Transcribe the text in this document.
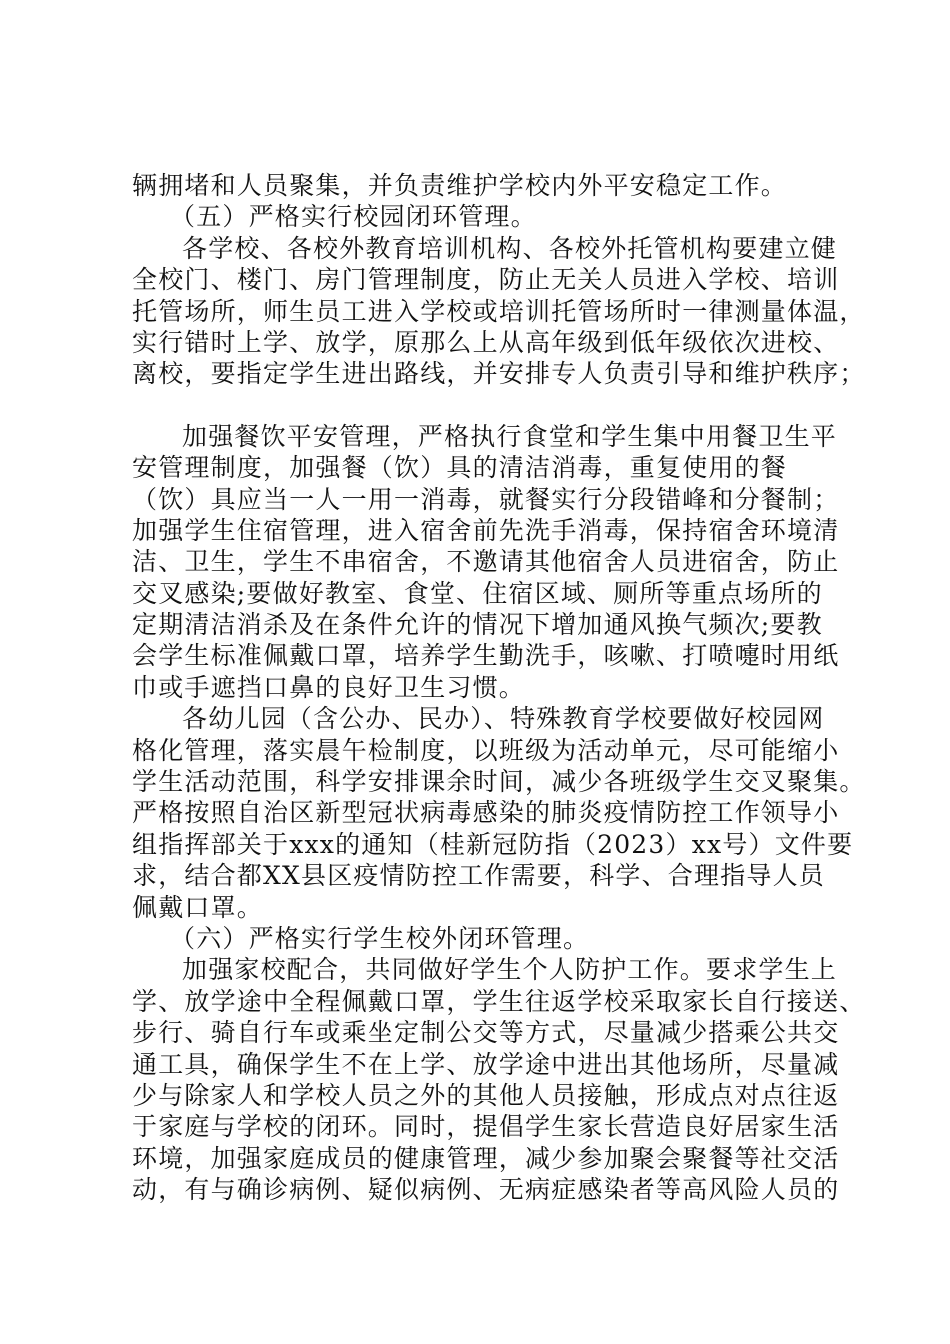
辆拥堵和人员聚集，并负责维护学校内外平安稳定工作。
（五）严格实行校园闭环管理。
各学校、各校外教育培训机构、各校外托管机构要建立健
全校门、楼门、房门管理制度，防止无关人员进入学校、培训
托管场所，师生员工进入学校或培训托管场所时一律测量体温，
实行错时上学、放学，原那么上从高年级到低年级依次进校、
离校，要指定学生进出路线，并安排专人负责引导和维护秩序；
加强餐饮平安管理，严格执行食堂和学生集中用餐卫生平
安管理制度，加强餐（饮）具的清洁消毒，重复使用的餐
（饮）具应当一人一用一消毒，就餐实行分段错峰和分餐制；
加强学生住宿管理，进入宿舍前先洗手消毒，保持宿舍环境清
洁、卫生，学生不串宿舍，不邀请其他宿舍人员进宿舍，防止
交叉感染;要做好教室、食堂、住宿区域、厕所等重点场所的
定期清洁消杀及在条件允许的情况下增加通风换气频次;要教
会学生标准佩戴口罩，培养学生勤洗手，咳嗽、打喷嚏时用纸
巾或手遮挡口鼻的良好卫生习惯。
各幼儿园（含公办、民办）、特殊教育学校要做好校园网
格化管理，落实晨午检制度，以班级为活动单元，尽可能缩小
学生活动范围，科学安排课余时间，减少各班级学生交叉聚集。
严格按照自治区新型冠状病毒感染的肺炎疫情防控工作领导小
组指挥部关于xxx的通知（桂新冠防指（2023）xx号）文件要
求，结合都XX县区疫情防控工作需要，科学、合理指导人员
佩戴口罩。
（六）严格实行学生校外闭环管理。
加强家校配合，共同做好学生个人防护工作。要求学生上
学、放学途中全程佩戴口罩，学生往返学校采取家长自行接送、
步行、骑自行车或乘坐定制公交等方式，尽量减少搭乘公共交
通工具，确保学生不在上学、放学途中进出其他场所，尽量减
少与除家人和学校人员之外的其他人员接触，形成点对点往返
于家庭与学校的闭环。同时，提倡学生家长营造良好居家生活
环境，加强家庭成员的健康管理，减少参加聚会聚餐等社交活
动，有与确诊病例、疑似病例、无病症感染者等高风险人员的
